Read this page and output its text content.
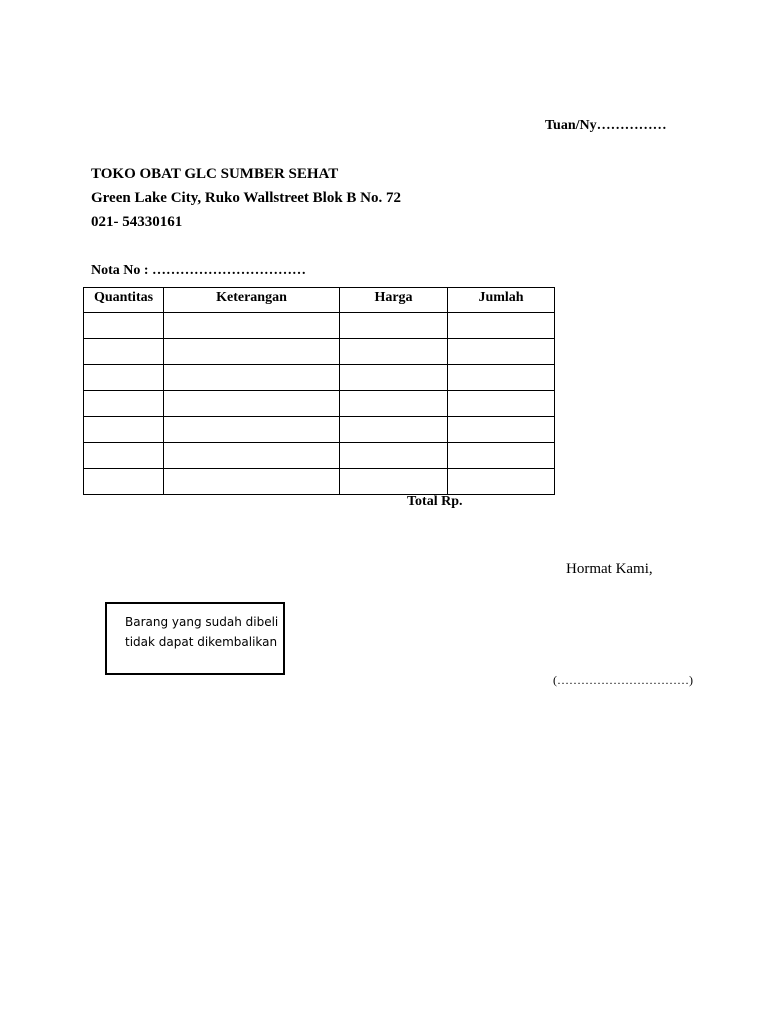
Tuan/Ny……………
TOKO OBAT GLC SUMBER SEHAT
Green Lake City, Ruko Wallstreet Blok B No. 72
021- 54330161
Nota No : ……………………………
Quantitas	Keterangan	Harga	Jumlah

Total Rp.
Hormat Kami,
Barang yang sudah dibeli
tidak dapat dikembalikan
(……………………………)
